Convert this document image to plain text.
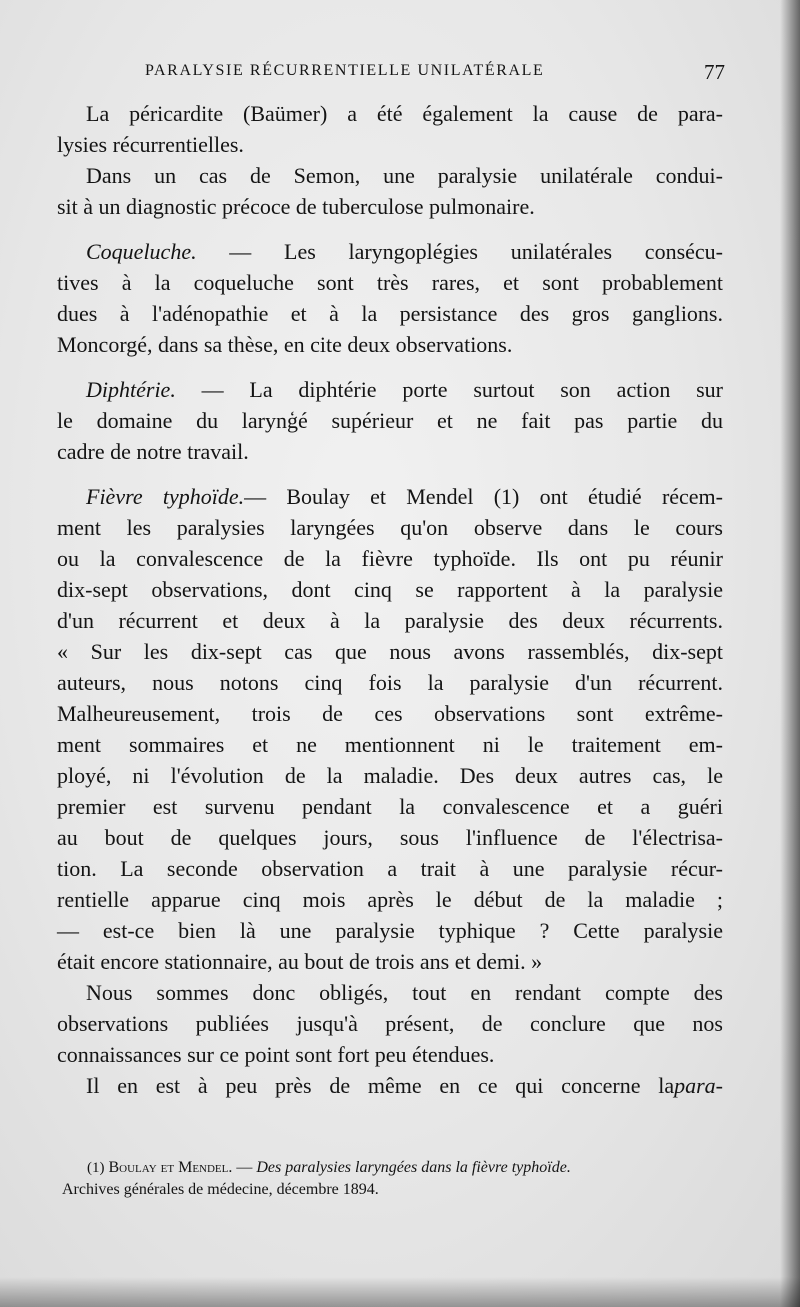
PARALYSIE RÉCURRENTIELLE UNILATÉRALE	77

La péricardite (Baümer) a été également la cause de para-
lysies récurrentielles.

Dans un cas de Semon, une paralysie unilatérale condui-
sit à un diagnostic précoce de tuberculose pulmonaire.

Coqueluche. — Les laryngoplégies unilatérales consécu-
tives à la coqueluche sont très rares, et sont probablement
dues à l'adénopathie et à la persistance des gros ganglions.
Moncorgé, dans sa thèse, en cite deux observations.

Diphtérie. — La diphtérie porte surtout son action sur
le domaine du larynģé supérieur et ne fait pas partie du
cadre de notre travail.

Fièvre typhoïde.— Boulay et Mendel (1) ont étudié récem-
ment les paralysies laryngées qu'on observe dans le cours
ou la convalescence de la fièvre typhoïde. Ils ont pu réunir
dix-sept observations, dont cinq se rapportent à la paralysie
d'un récurrent et deux à la paralysie des deux récurrents.
« Sur les dix-sept cas que nous avons rassemblés, dix-sept
auteurs, nous notons cinq fois la paralysie d'un récurrent.
Malheureusement, trois de ces observations sont extrême-
ment sommaires et ne mentionnent ni le traitement em-
ployé, ni l'évolution de la maladie. Des deux autres cas, le
premier est survenu pendant la convalescence et a guéri
au bout de quelques jours, sous l'influence de l'électrisa-
tion. La seconde observation a trait à une paralysie récur-
rentielle apparue cinq mois après le début de la maladie ;
— est-ce bien là une paralysie typhique ? Cette paralysie
était encore stationnaire, au bout de trois ans et demi. »

Nous sommes donc obligés, tout en rendant compte des
observations publiées jusqu'à présent, de conclure que nos
connaissances sur ce point sont fort peu étendues.

Il en est à peu près de même en ce qui concerne lapara-

(1) Boulay et Mendel. — Des paralysies laryngées dans la fièvre typhoïde.
Archives générales de médecine, décembre 1894.
